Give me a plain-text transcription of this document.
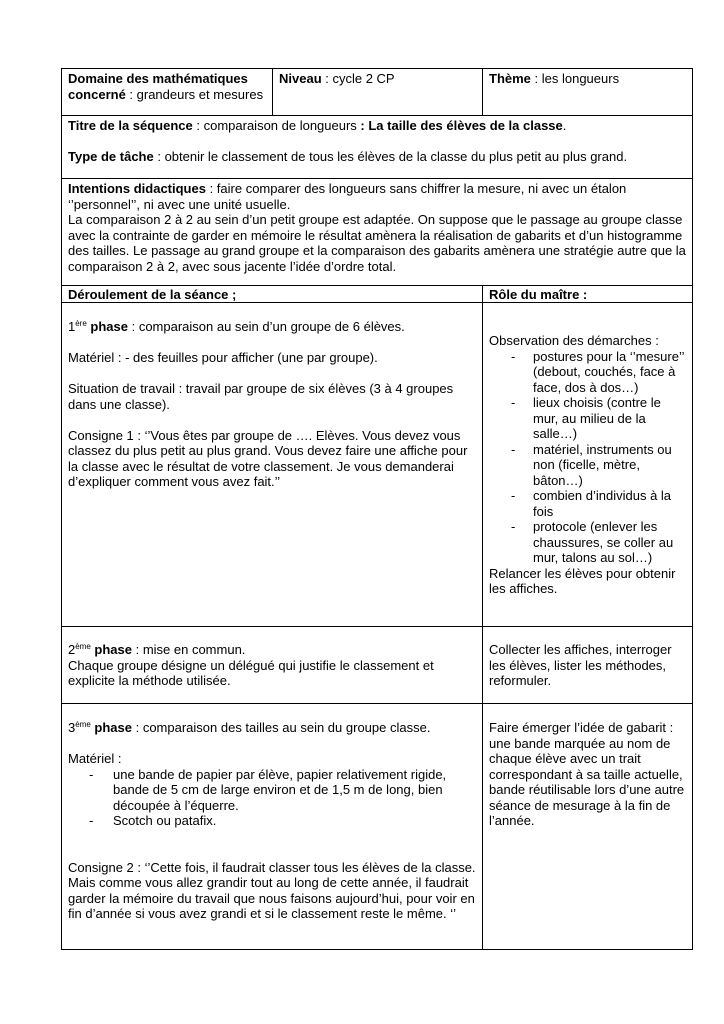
Domaine des mathématiques concerné : grandeurs et mesures

Niveau : cycle 2 CP	Thème : les longueurs

Titre de la séquence : comparaison de longueurs : La taille des élèves de la classe.

Type de tâche : obtenir le classement de tous les élèves de la classe du plus petit au plus grand.

Intentions didactiques : faire comparer des longueurs sans chiffrer la mesure, ni avec un étalon ‘’personnel’’, ni avec une unité usuelle.

La comparaison 2 à 2 au sein d’un petit groupe est adaptée. On suppose que le passage au groupe classe avec la contrainte de garder en mémoire le résultat amènera la réalisation de gabarits et d’un histogramme des tailles. Le passage au grand groupe et la comparaison des gabarits amènera une stratégie autre que la comparaison 2 à 2, avec sous jacente l’idée d’ordre total.

Déroulement de la séance ;	Rôle du maître :

1ère phase : comparaison au sein d’un groupe de 6 élèves.

Matériel : - des feuilles pour afficher (une par groupe).

Situation de travail : travail par groupe de six élèves (3 à 4 groupes dans une classe).

Consigne 1 : ‘’Vous êtes par groupe de …. Elèves. Vous devez vous classez du plus petit au plus grand. Vous devez faire une affiche pour la classe avec le résultat de votre classement. Je vous demanderai d’expliquer comment vous avez fait.’’

Observation des démarches :

- postures pour la ‘’mesure’’ (debout, couchés, face à face, dos à dos…)
- lieux choisis (contre le mur, au milieu de la salle…)
- matériel, instruments ou non (ficelle, mètre, bâton…)
- combien d’individus à la fois
- protocole (enlever les chaussures, se coller au mur, talons au sol…)

Relancer les élèves pour obtenir les affiches.

2ème phase : mise en commun.

Chaque groupe désigne un délégué qui justifie le classement et explicite la méthode utilisée.

Collecter les affiches, interroger les élèves, lister les méthodes, reformuler.

3ème phase : comparaison des tailles au sein du groupe classe.

Matériel :

- une bande de papier par élève, papier relativement rigide, bande de 5 cm de large environ et de 1,5 m de long, bien découpée à l’équerre.
- Scotch ou patafix.

Consigne 2 : ‘’Cette fois, il faudrait classer tous les élèves de la classe. Mais comme vous allez grandir tout au long de cette année, il faudrait garder la mémoire du travail que nous faisons aujourd’hui, pour voir en fin d’année si vous avez grandi et si le classement reste le même. ‘’

Faire émerger l’idée de gabarit : une bande marquée au nom de chaque élève avec un trait correspondant à sa taille actuelle, bande réutilisable lors d’une autre séance de mesurage à la fin de l’année.
